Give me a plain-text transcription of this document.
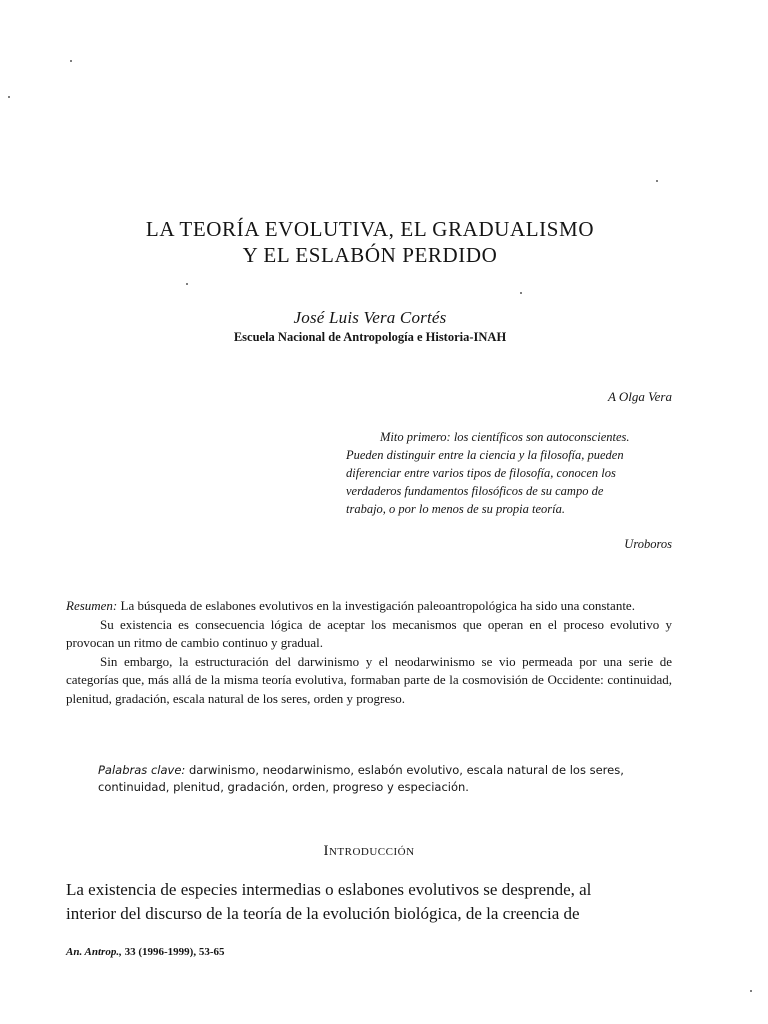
LA TEORÍA EVOLUTIVA, EL GRADUALISMO
Y EL ESLABÓN PERDIDO
José Luis Vera Cortés
Escuela Nacional de Antropología e Historia-INAH
A Olga Vera

Mito primero: los científicos son autoconscientes.

Pueden distinguir entre la ciencia y la filosofía, pueden

diferenciar entre varios tipos de filosofía, conocen los

verdaderos fundamentos filosóficos de su campo de

trabajo, o por lo menos de su propia teoría.

Uroboros

Resumen: La búsqueda de eslabones evolutivos en la investigación paleoantropológica ha sido una constante.

Su existencia es consecuencia lógica de aceptar los mecanismos que operan en el proceso evolutivo y provocan un ritmo de cambio continuo y gradual.

Sin embargo, la estructuración del darwinismo y el neodarwinismo se vio permeada por una serie de categorías que, más allá de la misma teoría evolutiva, formaban parte de la cosmovisión de Occidente: continuidad, plenitud, gradación, escala natural de los seres, orden y progreso.

Palabras clave: darwinismo, neodarwinismo, eslabón evolutivo, escala natural de los seres, continuidad, plenitud, gradación, orden, progreso y especiación.
Introducción

La existencia de especies intermedias o eslabones evolutivos se desprende, al

interior del discurso de la teoría de la evolución biológica, de la creencia de

An. Antrop., 33 (1996-1999), 53-65
